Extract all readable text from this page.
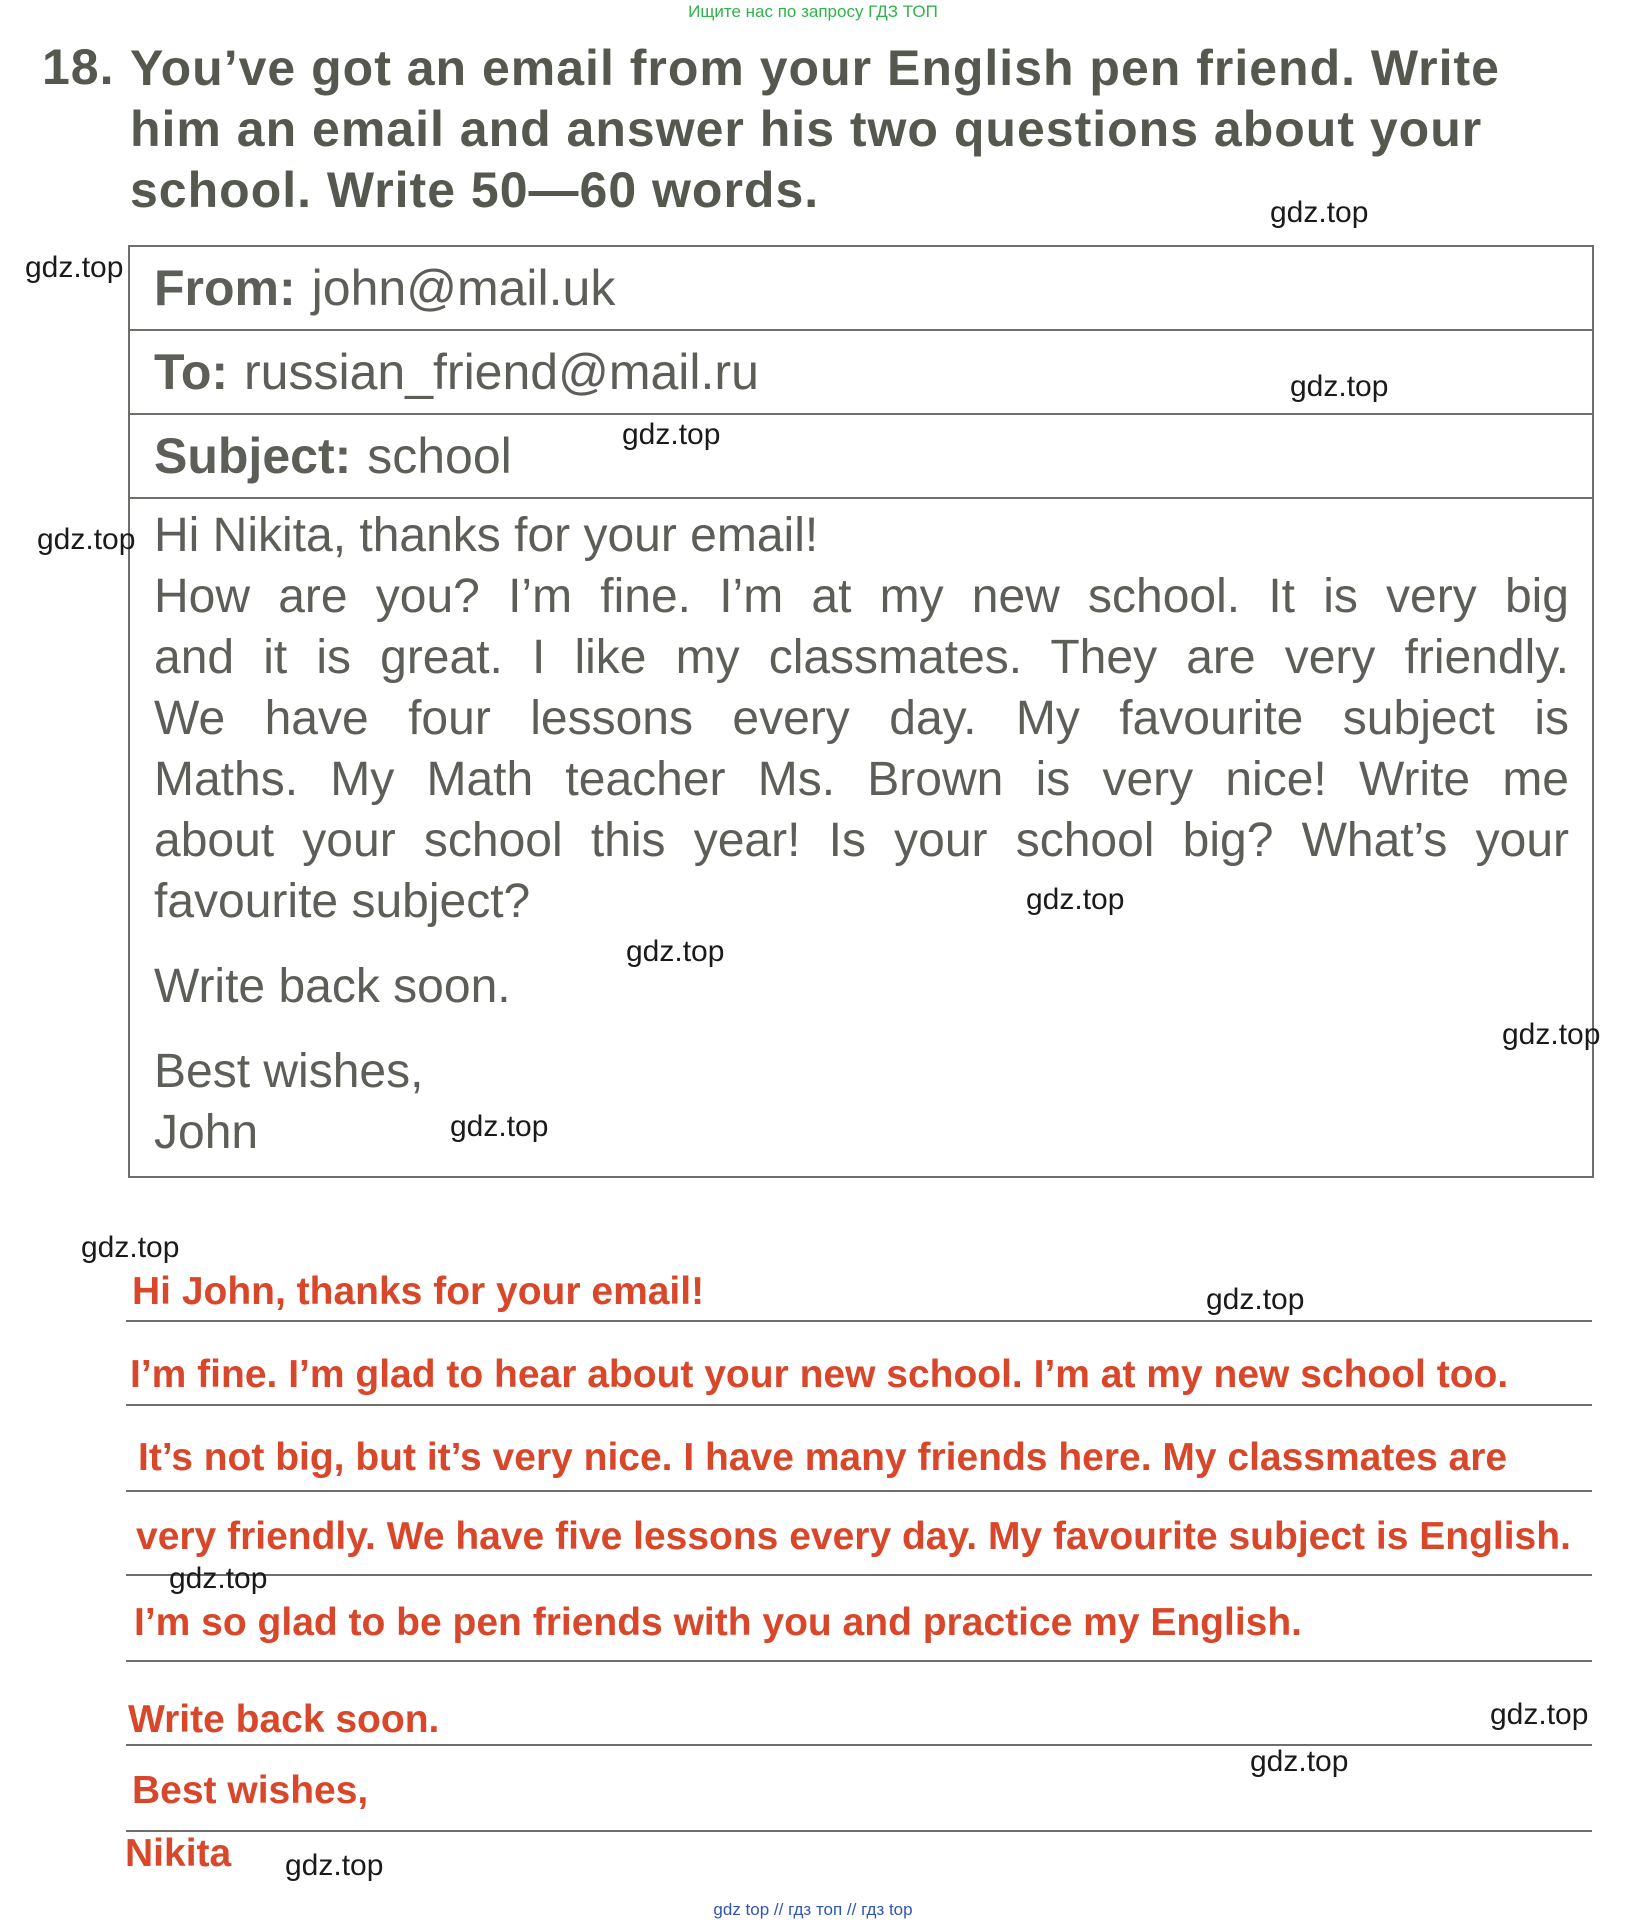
Ищите нас по запросу ГДЗ ТОП
18. You’ve got an email from your English pen friend. Write
him an email and answer his two questions about your
school. Write 50—60 words.
From: john@mail.uk
To: russian_friend@mail.ru
Subject: school
Hi Nikita, thanks for your email!
How are you? I’m fine. I’m at my new school. It is very big
and it is great. I like my classmates. They are very friendly.
We have four lessons every day. My favourite subject is
Maths. My Math teacher Ms. Brown is very nice! Write me
about your school this year! Is your school big? What’s your
favourite subject?
Write back soon.
Best wishes,
John
Hi John, thanks for your email!
I’m fine. I’m glad to hear about your new school. I’m at my new school too.
It’s not big, but it’s very nice. I have many friends here. My classmates are
very friendly. We have five lessons every day. My favourite subject is English.
I’m so glad to be pen friends with you and practice my English.
Write back soon.
Best wishes,
Nikita
gdz.top
gdz.top
gdz.top
gdz.top
gdz.top
gdz.top
gdz.top
gdz.top
gdz.top
gdz.top
gdz.top
gdz.top
gdz.top
gdz.top
gdz.top
gdz top // гдз топ // гдз top
